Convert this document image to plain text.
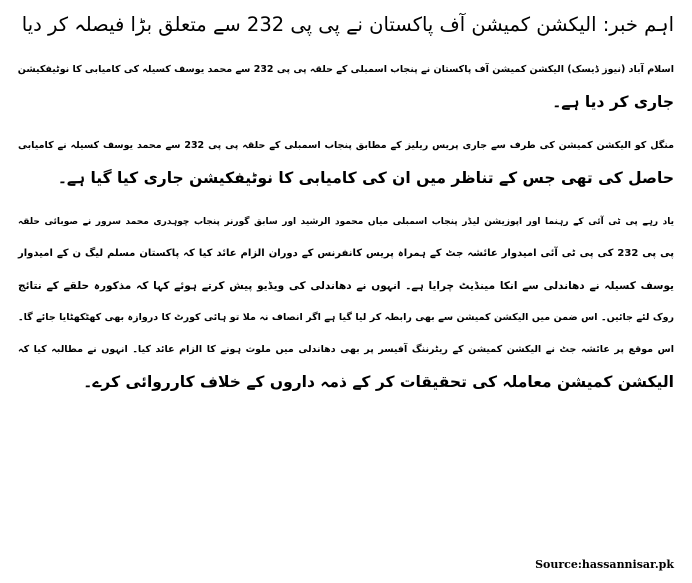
اہم خبر: الیکشن کمیشن آف پاکستان نے پی پی 232 سے متعلق بڑا فیصلہ کر دیا
اسلام آباد (نیوز ڈیسک) الیکشن کمیشن آف پاکستان نے پنجاب اسمبلی کے حلقہ پی پی 232 سے محمد یوسف کسیلہ کی کامیابی کا نوٹیفکیشن
جاری کر دیا ہے۔
منگل کو الیکشن کمیشن کی طرف سے جاری پریس ریلیز کے مطابق پنجاب اسمبلی کے حلقہ پی پی 232 سے محمد یوسف کسیلہ نے کامیابی
حاصل کی تھی جس کے تناظر میں ان کی کامیابی کا نوٹیفکیشن جاری کیا گیا ہے۔
یاد رہے پی ٹی آئی کے رہنما اور اپوزیشن لیڈر پنجاب اسمبلی میاں محمود الرشید اور سابق گورنر پنجاب چوہدری محمد سرور نے صوبائی حلقہ
پی پی 232 کی پی ٹی آئی امیدوار عائشہ جٹ کے ہمراہ پریس کانفرنس کے دوران الزام عائد کیا کہ پاکستان مسلم لیگ ن کے امیدوار
یوسف کسیلہ نے دھاندلی سے انکا مینڈیٹ چرایا ہے۔ انہوں نے دھاندلی کی ویڈیو پیش کرتے ہوئے کہا کہ مذکورہ حلقے کے نتائج
روک لئے جائیں۔ اس ضمن میں الیکشن کمیشن سے بھی رابطہ کر لیا گیا ہے اگر انصاف نہ ملا تو ہائی کورٹ کا دروازہ بھی کھٹکھٹایا جائے گا۔
اس موقع پر عائشہ جٹ نے الیکشن کمیشن کے ریٹرننگ آفیسر پر بھی دھاندلی میں ملوث ہونے کا الزام عائد کیا۔ انہوں نے مطالبہ کیا کہ
الیکشن کمیشن معاملہ کی تحقیقات کر کے ذمہ داروں کے خلاف کارروائی کرے۔
Source:hassannisar.pk
